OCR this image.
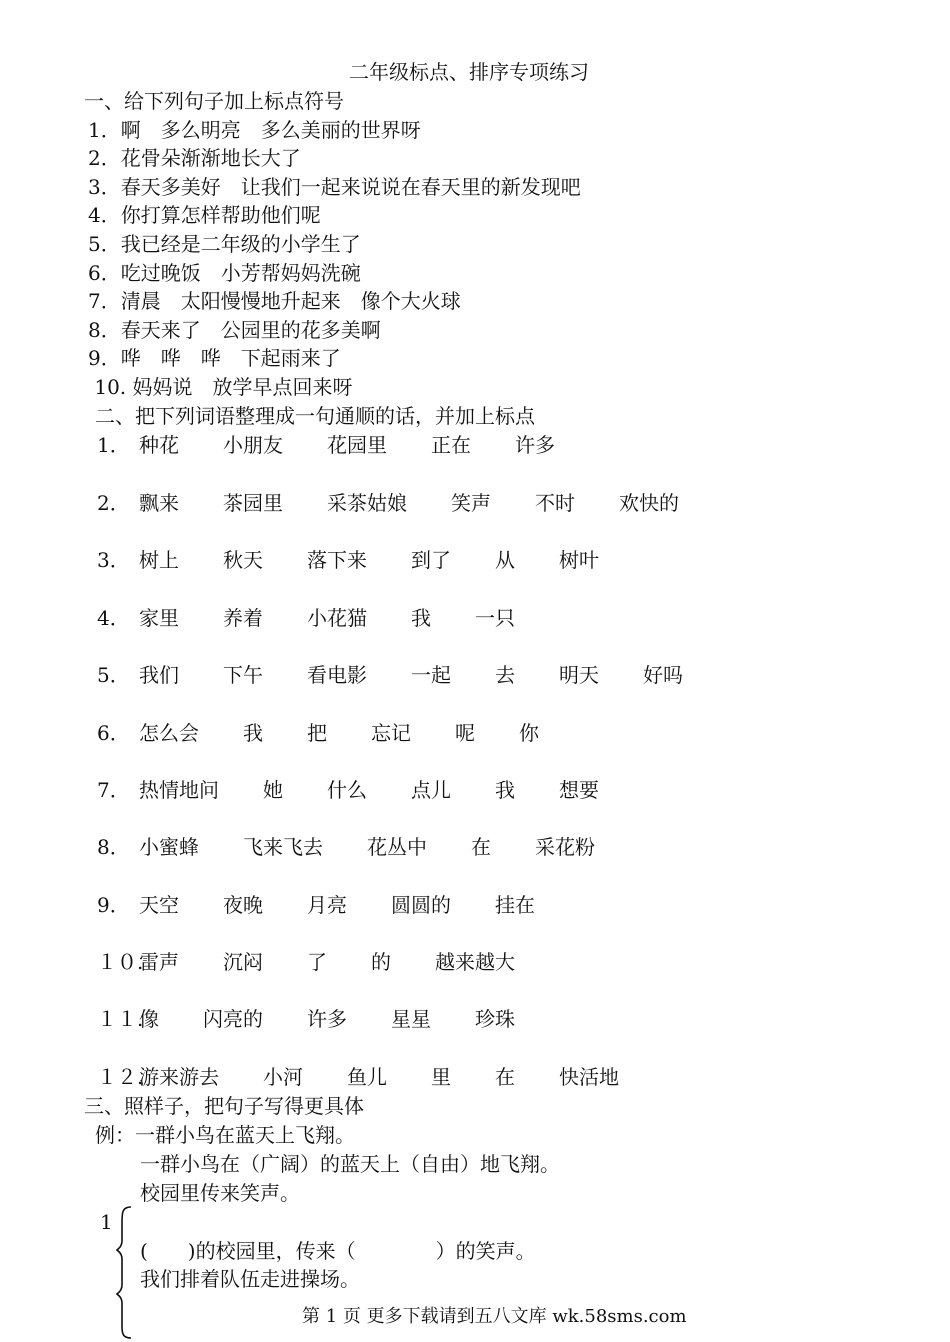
二年级标点、排序专项练习
一、给下列句子加上标点符号
1．啊　多么明亮　多么美丽的世界呀
2．花骨朵渐渐地长大了
3．春天多美好　让我们一起来说说在春天里的新发现吧
4．你打算怎样帮助他们呢
5．我已经是二年级的小学生了
6．吃过晚饭　小芳帮妈妈洗碗
7．清晨　太阳慢慢地升起来　像个大火球
8．春天来了　公园里的花多美啊
9．哗　哗　哗　下起雨来了
10. 妈妈说　放学早点回来呀
二、把下列词语整理成一句通顺的话，并加上标点
1． 种花 小朋友 花园里 正在 许多
2． 飘来 茶园里 采茶姑娘 笑声 不时 欢快的
3． 树上 秋天 落下来 到了 从 树叶
4． 家里 养着 小花猫 我 一只
5． 我们 下午 看电影 一起 去 明天 好吗
6． 怎么会 我 把 忘记 呢 你
7． 热情地问 她 什么 点儿 我 想要
8． 小蜜蜂 飞来飞去 花丛中 在 采花粉
9． 天空 夜晚 月亮 圆圆的 挂在
１０.雷声 沉闷 了 的 越来越大
１１.像 闪亮的 许多 星星 珍珠
１２.游来游去 小河 鱼儿 里 在 快活地
三、照样子，把句子写得更具体
例：一群小鸟在蓝天上飞翔。
一群小鸟在（广阔）的蓝天上（自由）地飞翔。
校园里传来笑声。
1
(　　)的校园里，传来（　　　　）的笑声。
我们排着队伍走进操场。
第 1 页 更多下载请到五八文库 wk.58sms.com
